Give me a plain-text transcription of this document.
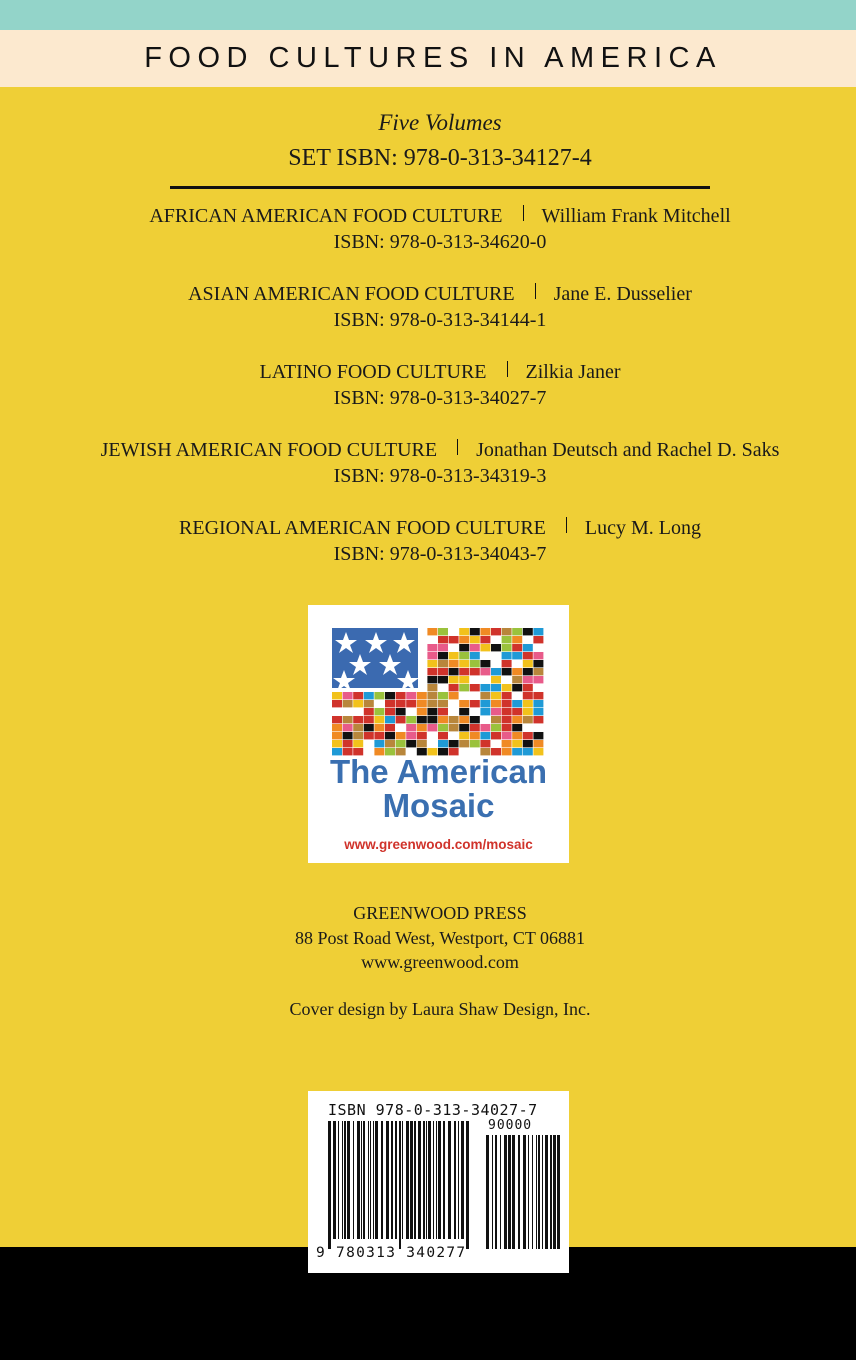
FOOD CULTURES IN AMERICA
Five Volumes
SET ISBN: 978-0-313-34127-4
AFRICAN AMERICAN FOOD CULTURE William Frank Mitchell
ISBN: 978-0-313-34620-0
ASIAN AMERICAN FOOD CULTURE Jane E. Dusselier
ISBN: 978-0-313-34144-1
LATINO FOOD CULTURE Zilkia Janer
ISBN: 978-0-313-34027-7
JEWISH AMERICAN FOOD CULTURE Jonathan Deutsch and Rachel D. Saks
ISBN: 978-0-313-34319-3
REGIONAL AMERICAN FOOD CULTURE Lucy M. Long
ISBN: 978-0-313-34043-7
The American
Mosaic
www.greenwood.com/mosaic
GREENWOOD PRESS
88 Post Road West, Westport, CT 06881
www.greenwood.com
Cover design by Laura Shaw Design, Inc.
ISBN 978-0-313-34027-7
90000
9 780313 340277
